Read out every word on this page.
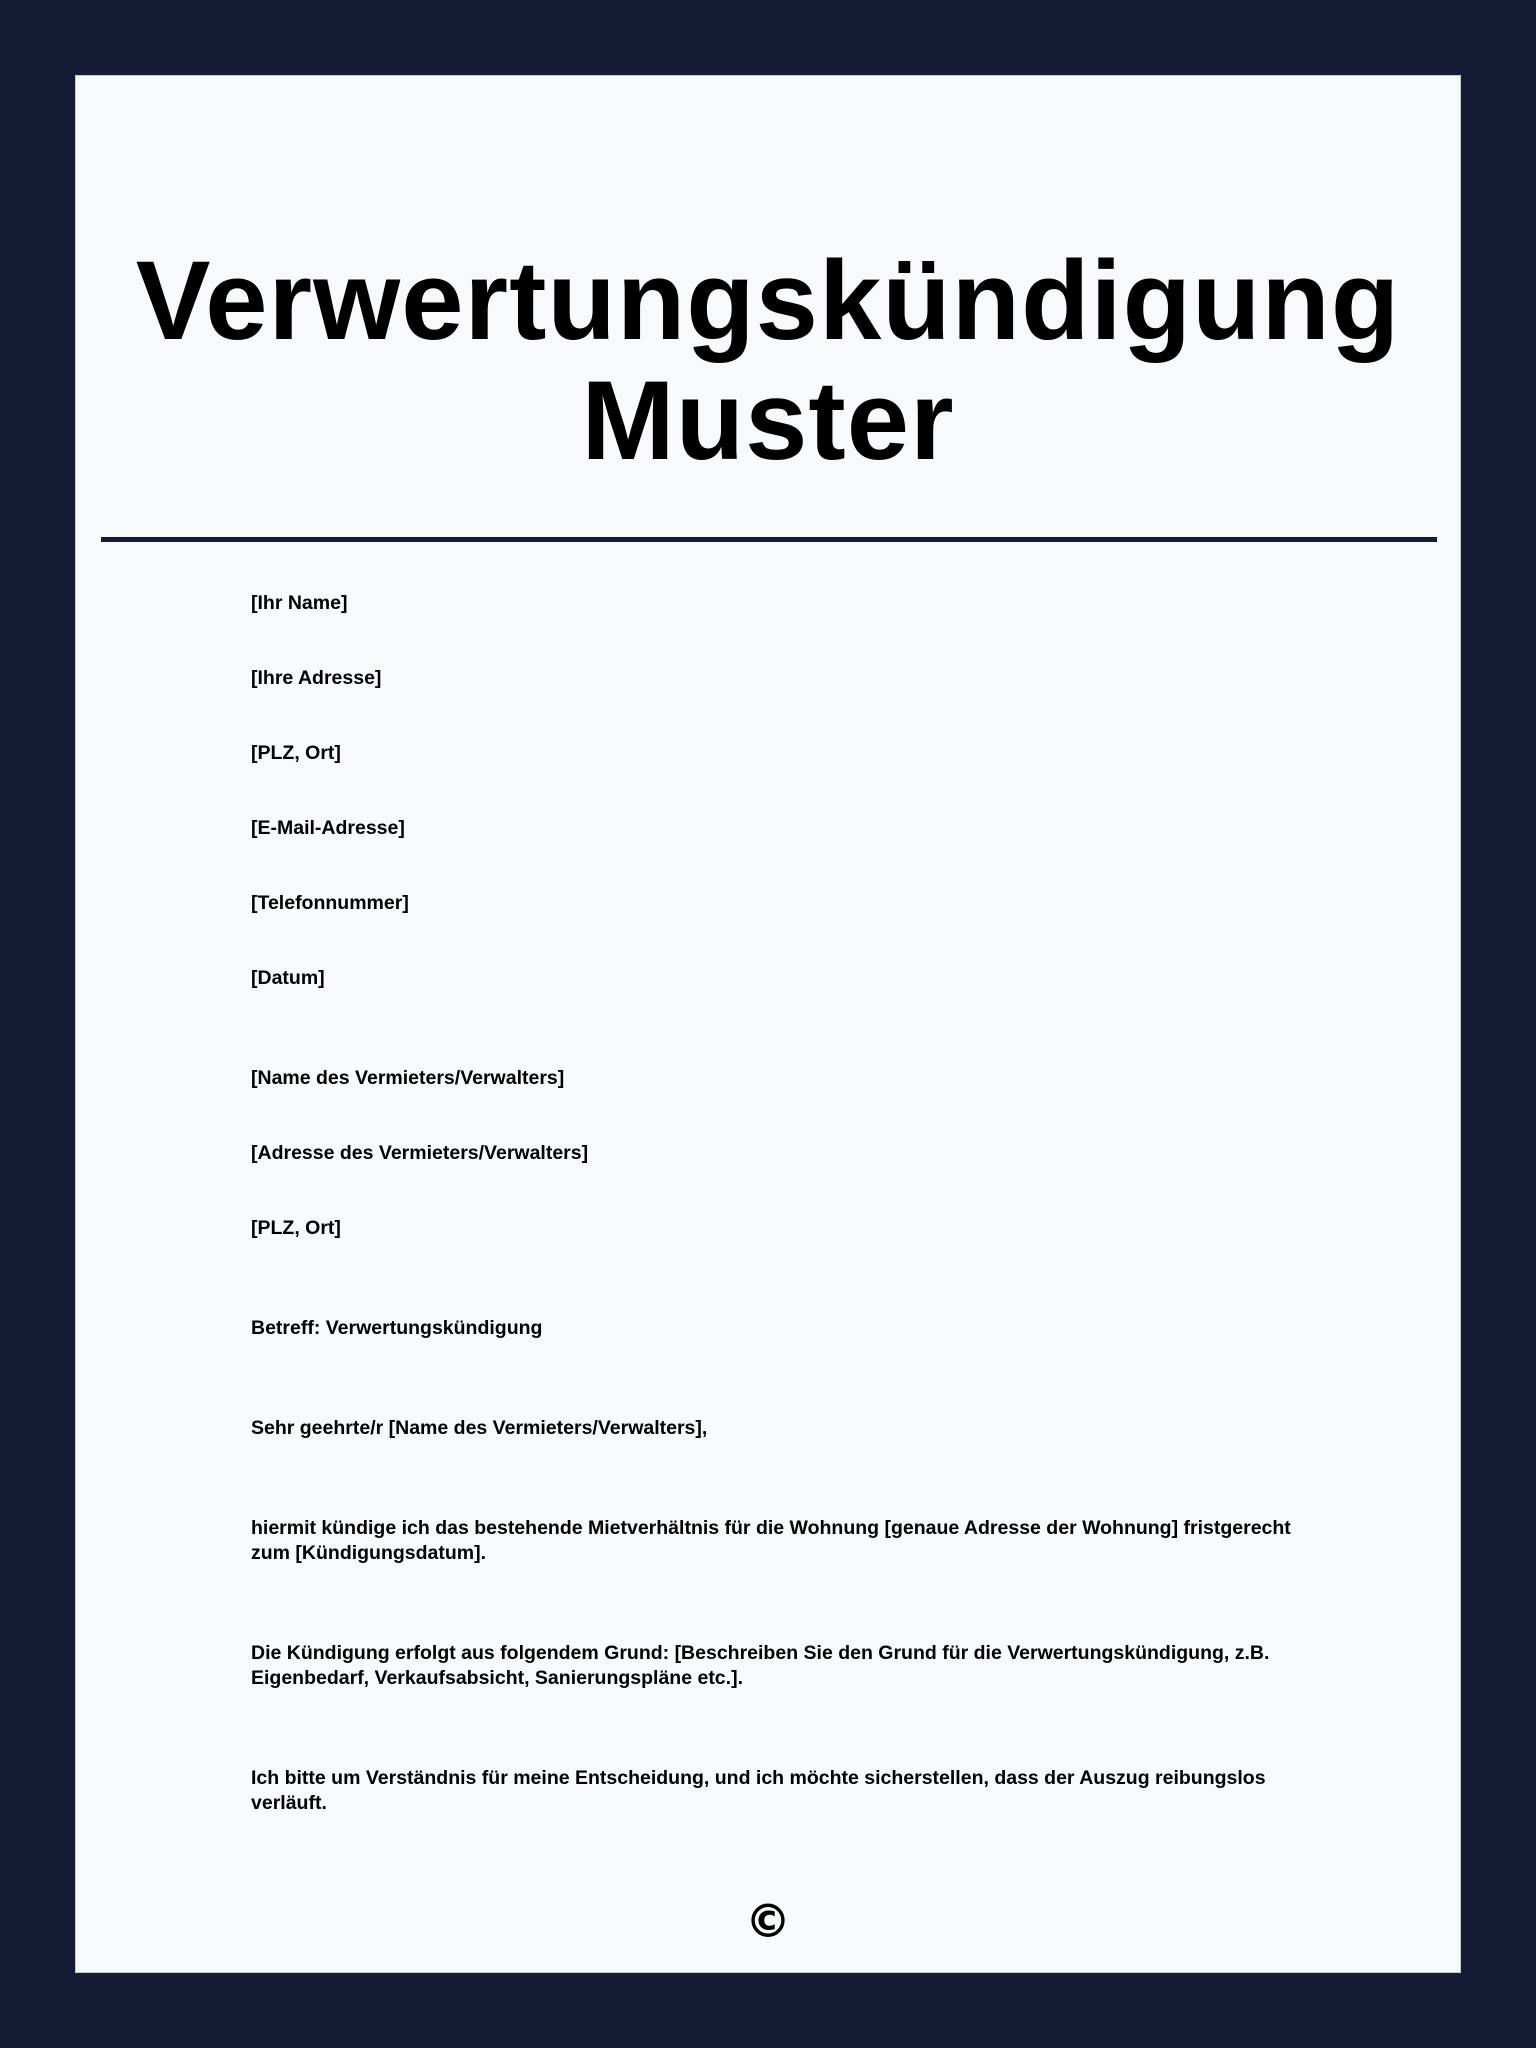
Verwertungskündigung Muster

[Ihr Name]

[Ihre Adresse]

[PLZ, Ort]

[E-Mail-Adresse]

[Telefonnummer]

[Datum]

[Name des Vermieters/Verwalters]

[Adresse des Vermieters/Verwalters]

[PLZ, Ort]

Betreff: Verwertungskündigung

Sehr geehrte/r [Name des Vermieters/Verwalters],

hiermit kündige ich das bestehende Mietverhältnis für die Wohnung [genaue Adresse der Wohnung] fristgerecht zum [Kündigungsdatum].

Die Kündigung erfolgt aus folgendem Grund: [Beschreiben Sie den Grund für die Verwertungskündigung, z.B. Eigenbedarf, Verkaufsabsicht, Sanierungspläne etc.].

Ich bitte um Verständnis für meine Entscheidung, und ich möchte sicherstellen, dass der Auszug reibungslos verläuft.

©
